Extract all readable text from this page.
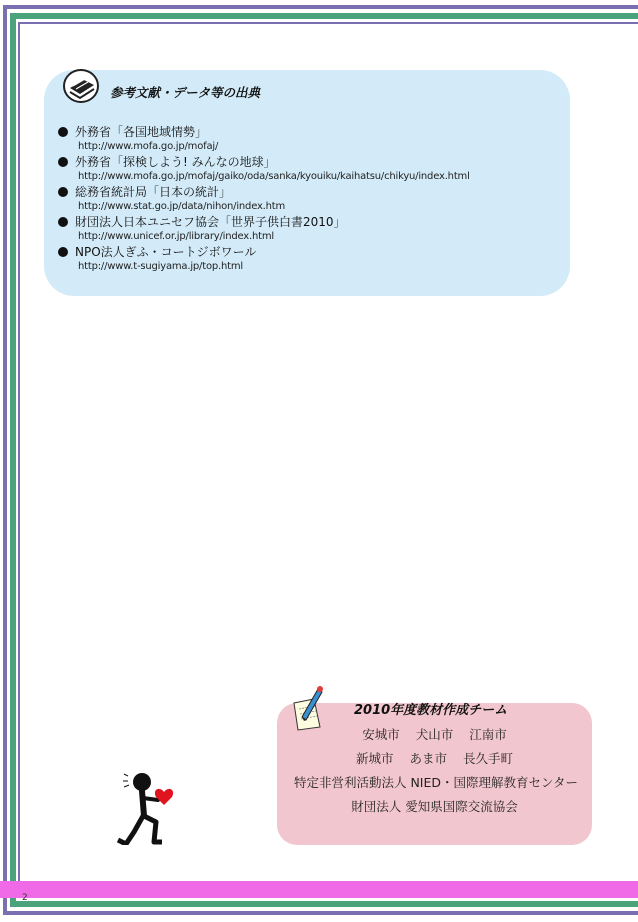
2
参考文献・データ等の出典
外務省「各国地域情勢」
http://www.mofa.go.jp/mofaj/
外務省「探検しよう! みんなの地球」
http://www.mofa.go.jp/mofaj/gaiko/oda/sanka/kyouiku/kaihatsu/chikyu/index.html
総務省統計局「日本の統計」
http://www.stat.go.jp/data/nihon/index.htm
財団法人日本ユニセフ協会「世界子供白書2010」
http://www.unicef.or.jp/library/index.html
NPO法人ぎふ・コートジボワール
http://www.t-sugiyama.jp/top.html
2010年度教材作成チーム
安城市 犬山市 江南市
新城市 あま市 長久手町
特定非営利活動法人 NIED・国際理解教育センター
財団法人 愛知県国際交流協会
